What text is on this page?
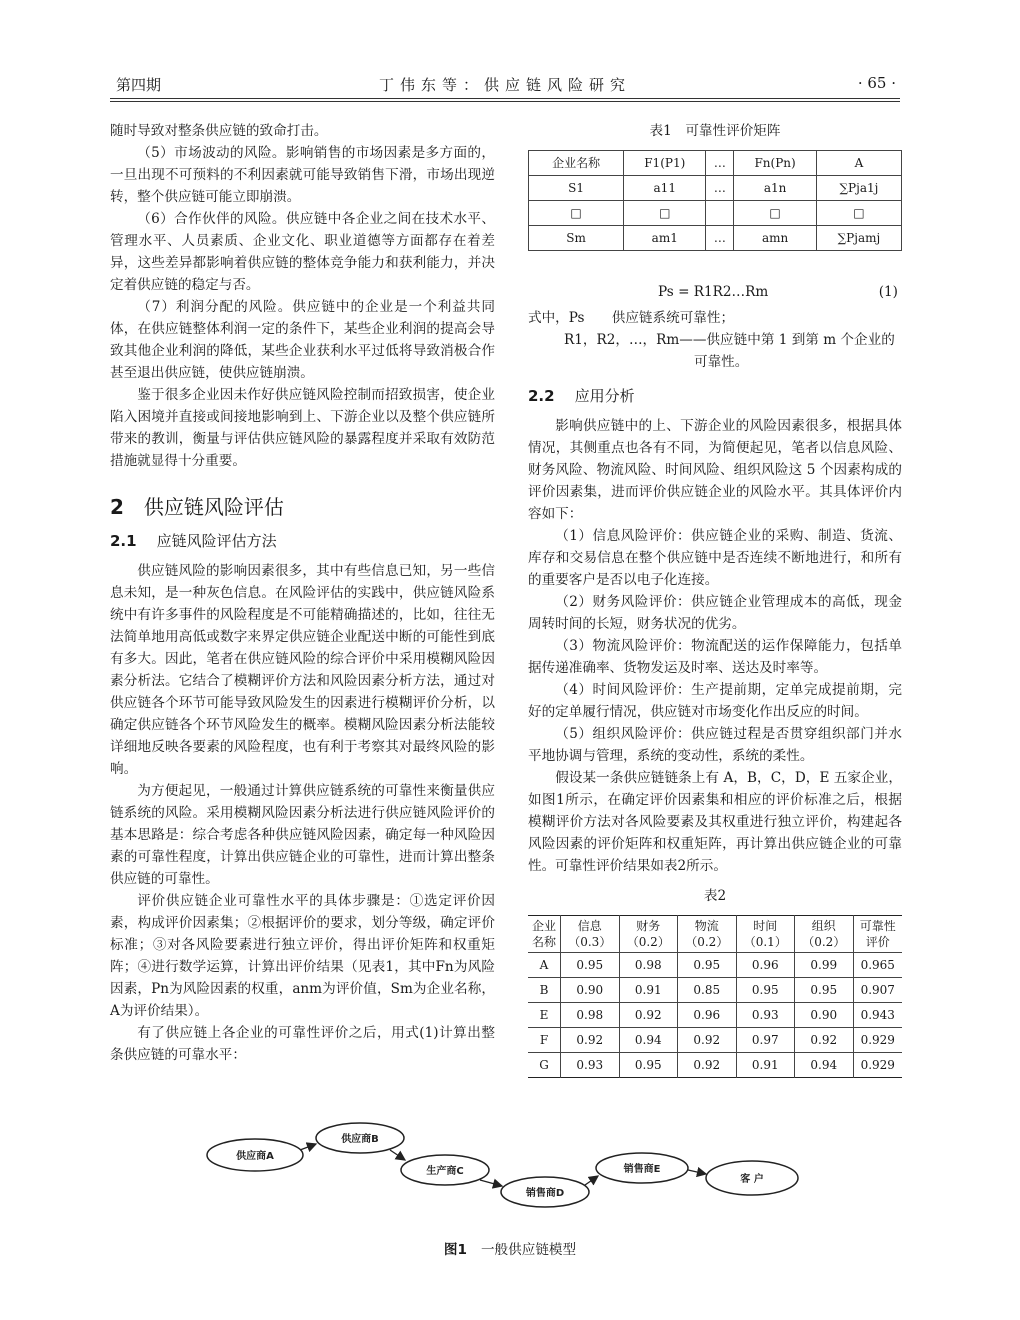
第四期	丁伟东等：供应链风险研究	· 65 ·

随时导致对整条供应链的致命打击。

（5）市场波动的风险。影响销售的市场因素是多方面的，一旦出现不可预料的不利因素就可能导致销售下滑，市场出现逆转，整个供应链可能立即崩溃。

（6）合作伙伴的风险。供应链中各企业之间在技术水平、管理水平、人员素质、企业文化、职业道德等方面都存在着差异，这些差异都影响着供应链的整体竞争能力和获利能力，并决定着供应链的稳定与否。

（7）利润分配的风险。供应链中的企业是一个利益共同体，在供应链整体利润一定的条件下，某些企业利润的提高会导致其他企业利润的降低，某些企业获利水平过低将导致消极合作甚至退出供应链，使供应链崩溃。

鉴于很多企业因未作好供应链风险控制而招致损害，使企业陷入困境并直接或间接地影响到上、下游企业以及整个供应链所带来的教训，衡量与评估供应链风险的暴露程度并采取有效防范措施就显得十分重要。

2 供应链风险评估
2.1 应链风险评估方法

供应链风险的影响因素很多，其中有些信息已知，另一些信息未知，是一种灰色信息。在风险评估的实践中，供应链风险系统中有许多事件的风险程度是不可能精确描述的，比如，往往无法简单地用高低或数字来界定供应链企业配送中断的可能性到底有多大。因此，笔者在供应链风险的综合评价中采用模糊风险因素分析法。它结合了模糊评价方法和风险因素分析方法，通过对供应链各个环节可能导致风险发生的因素进行模糊评价分析，以确定供应链各个环节风险发生的概率。模糊风险因素分析法能较详细地反映各要素的风险程度，也有利于考察其对最终风险的影响。

为方便起见，一般通过计算供应链系统的可靠性来衡量供应链系统的风险。采用模糊风险因素分析法进行供应链风险评价的基本思路是：综合考虑各种供应链风险因素，确定每一种风险因素的可靠性程度，计算出供应链企业的可靠性，进而计算出整条供应链的可靠性。

评价供应链企业可靠性水平的具体步骤是：①选定评价因素，构成评价因素集；②根据评价的要求，划分等级，确定评价标准；③对各风险要素进行独立评价，得出评价矩阵和权重矩阵；④进行数学运算，计算出评价结果（见表1，其中Fn为风险因素，Pn为风险因素的权重，anm为评价值，Sm为企业名称，A为评价结果）。

有了供应链上各企业的可靠性评价之后，用式(1)计算出整条供应链的可靠水平：

表1　可靠性评价矩阵
企业名称	F1(P1)	…	Fn(Pn)	A
S1	a11	…	a1n	∑Pja1j
□	□		□	□
Sm	am1	…	amn	∑Pjamj
Ps = R1R2…Rm	(1)

式中，Ps　　供应链系统可靠性；

R1，R2，…，Rm——供应链中第 1 到第 m 个企业的

可靠性。

2.2 应用分析

影响供应链中的上、下游企业的风险因素很多，根据具体情况，其侧重点也各有不同，为简便起见，笔者以信息风险、财务风险、物流风险、时间风险、组织风险这 5 个因素构成的评价因素集，进而评价供应链企业的风险水平。其具体评价内容如下：

（1）信息风险评价：供应链企业的采购、制造、货流、库存和交易信息在整个供应链中是否连续不断地进行，和所有的重要客户是否以电子化连接。

（2）财务风险评价：供应链企业管理成本的高低，现金周转时间的长短，财务状况的优劣。

（3）物流风险评价：物流配送的运作保障能力，包括单据传递准确率、货物发运及时率、送达及时率等。

（4）时间风险评价：生产提前期，定单完成提前期，完好的定单履行情况，供应链对市场变化作出反应的时间。

（5）组织风险评价：供应链过程是否贯穿组织部门并水平地协调与管理，系统的变动性，系统的柔性。

假设某一条供应链链条上有 A，B，C，D，E 五家企业，如图1所示，在确定评价因素集和相应的评价标准之后，根据模糊评价方法对各风险要素及其权重进行独立评价，构建起各风险因素的评价矩阵和权重矩阵，再计算出供应链企业的可靠性。可靠性评价结果如表2所示。

表2
企业
名称	信息
（0.3）	财务
（0.2）	物流
（0.2）	时间
（0.1）	组织
（0.2）	可靠性
评价
A	0.95	0.98	0.95	0.96	0.99	0.965
B	0.90	0.91	0.85	0.95	0.95	0.907
E	0.98	0.92	0.96	0.93	0.90	0.943
F	0.92	0.94	0.92	0.97	0.92	0.929
G	0.93	0.95	0.92	0.91	0.94	0.929
供应商A
供应商B
生产商C
销售商D
销售商E
客 户
图1 一般供应链模型
